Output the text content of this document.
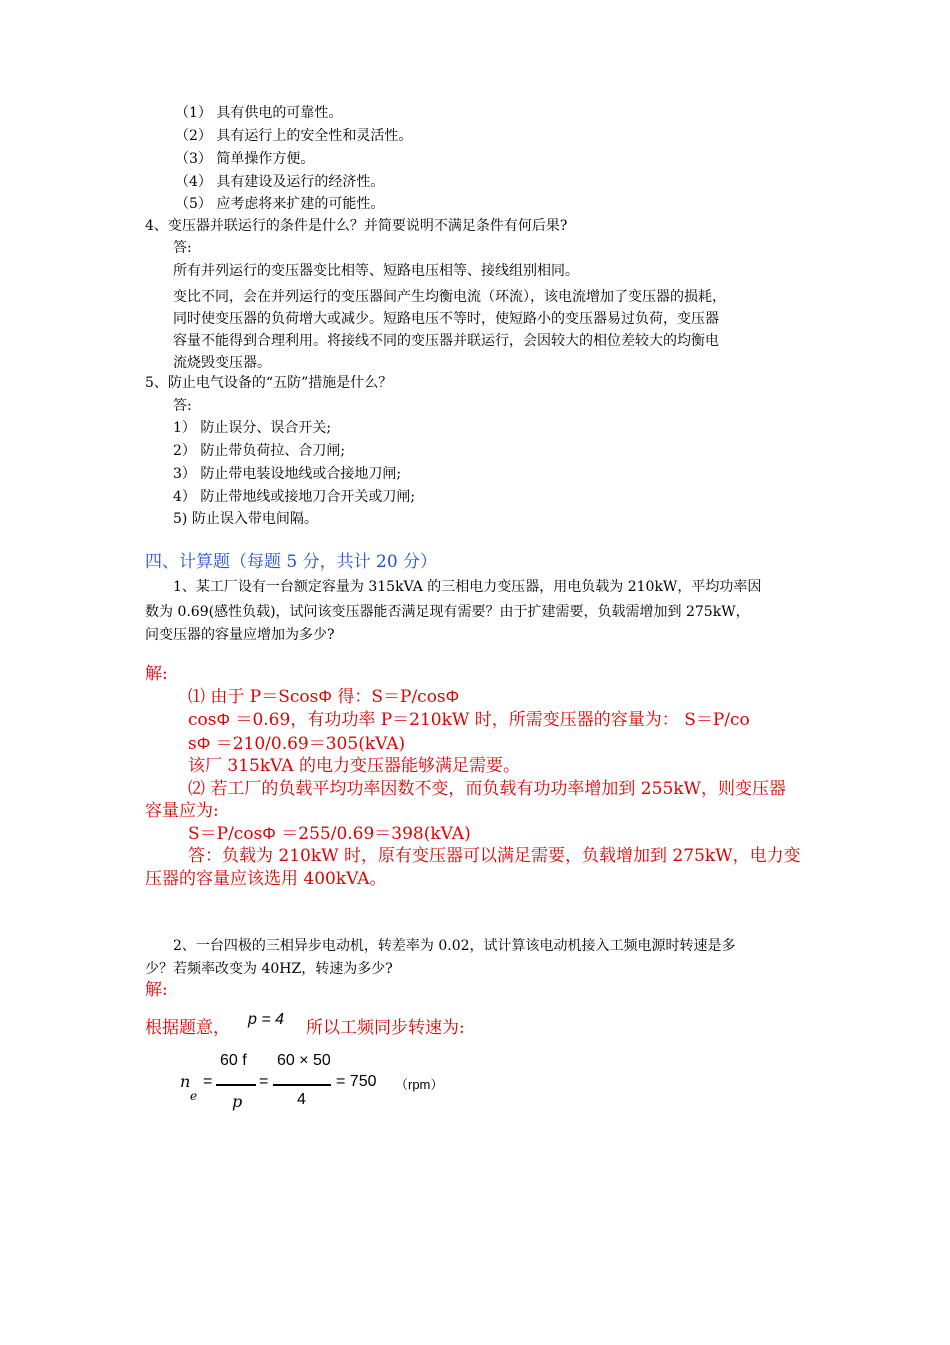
（1） 具有供电的可靠性。
（2） 具有运行上的安全性和灵活性。
（3） 简单操作方便。
（4） 具有建设及运行的经济性。
（5） 应考虑将来扩建的可能性。
4、变压器并联运行的条件是什么？并简要说明不满足条件有何后果?
答:
所有并列运行的变压器变比相等、短路电压相等、接线组别相同。
变比不同，会在并列运行的变压器间产生均衡电流（环流），该电流增加了变压器的损耗，
同时使变压器的负荷增大或减少。短路电压不等时，使短路小的变压器易过负荷，变压器
容量不能得到合理利用。将接线不同的变压器并联运行，会因较大的相位差较大的均衡电
流烧毁变压器。
5、防止电气设备的“五防”措施是什么？
答:
1） 防止误分、误合开关;
2） 防止带负荷拉、合刀闸;
3） 防止带电装设地线或合接地刀闸;
4） 防止带地线或接地刀合开关或刀闸;
5) 防止误入带电间隔。
四、计算题（每题 5 分，共计 20 分）
1、某工厂设有一台额定容量为 315kVA 的三相电力变压器，用电负载为 210kW，平均功率因
数为 0.69(感性负载)，试问该变压器能否满足现有需要？由于扩建需要，负载需增加到 275kW，
问变压器的容量应增加为多少?
解:
⑴ 由于 P＝ScosΦ 得：S＝P/cosΦ
cosΦ ＝0.69，有功功率 P＝210kW 时，所需变压器的容量为： S＝P/co
sΦ ＝210/0.69＝305(kVA)
该厂 315kVA 的电力变压器能够满足需要。
⑵ 若工厂的负载平均功率因数不变，而负载有功功率增加到 255kW，则变压器
容量应为:
S＝P/cosΦ ＝255/0.69＝398(kVA)
答：负载为 210kW 时，原有变压器可以满足需要，负载增加到 275kW，电力变
压器的容量应该选用 400kVA。
2、一台四极的三相异步电动机，转差率为 0.02，试计算该电动机接入工频电源时转速是多
少？若频率改变为 40HZ，转速为多少?
解:
根据题意， p = 4 所以工频同步转速为:
n
e
=
60 f
p
=
60 × 50
4
= 750 （rpm）
